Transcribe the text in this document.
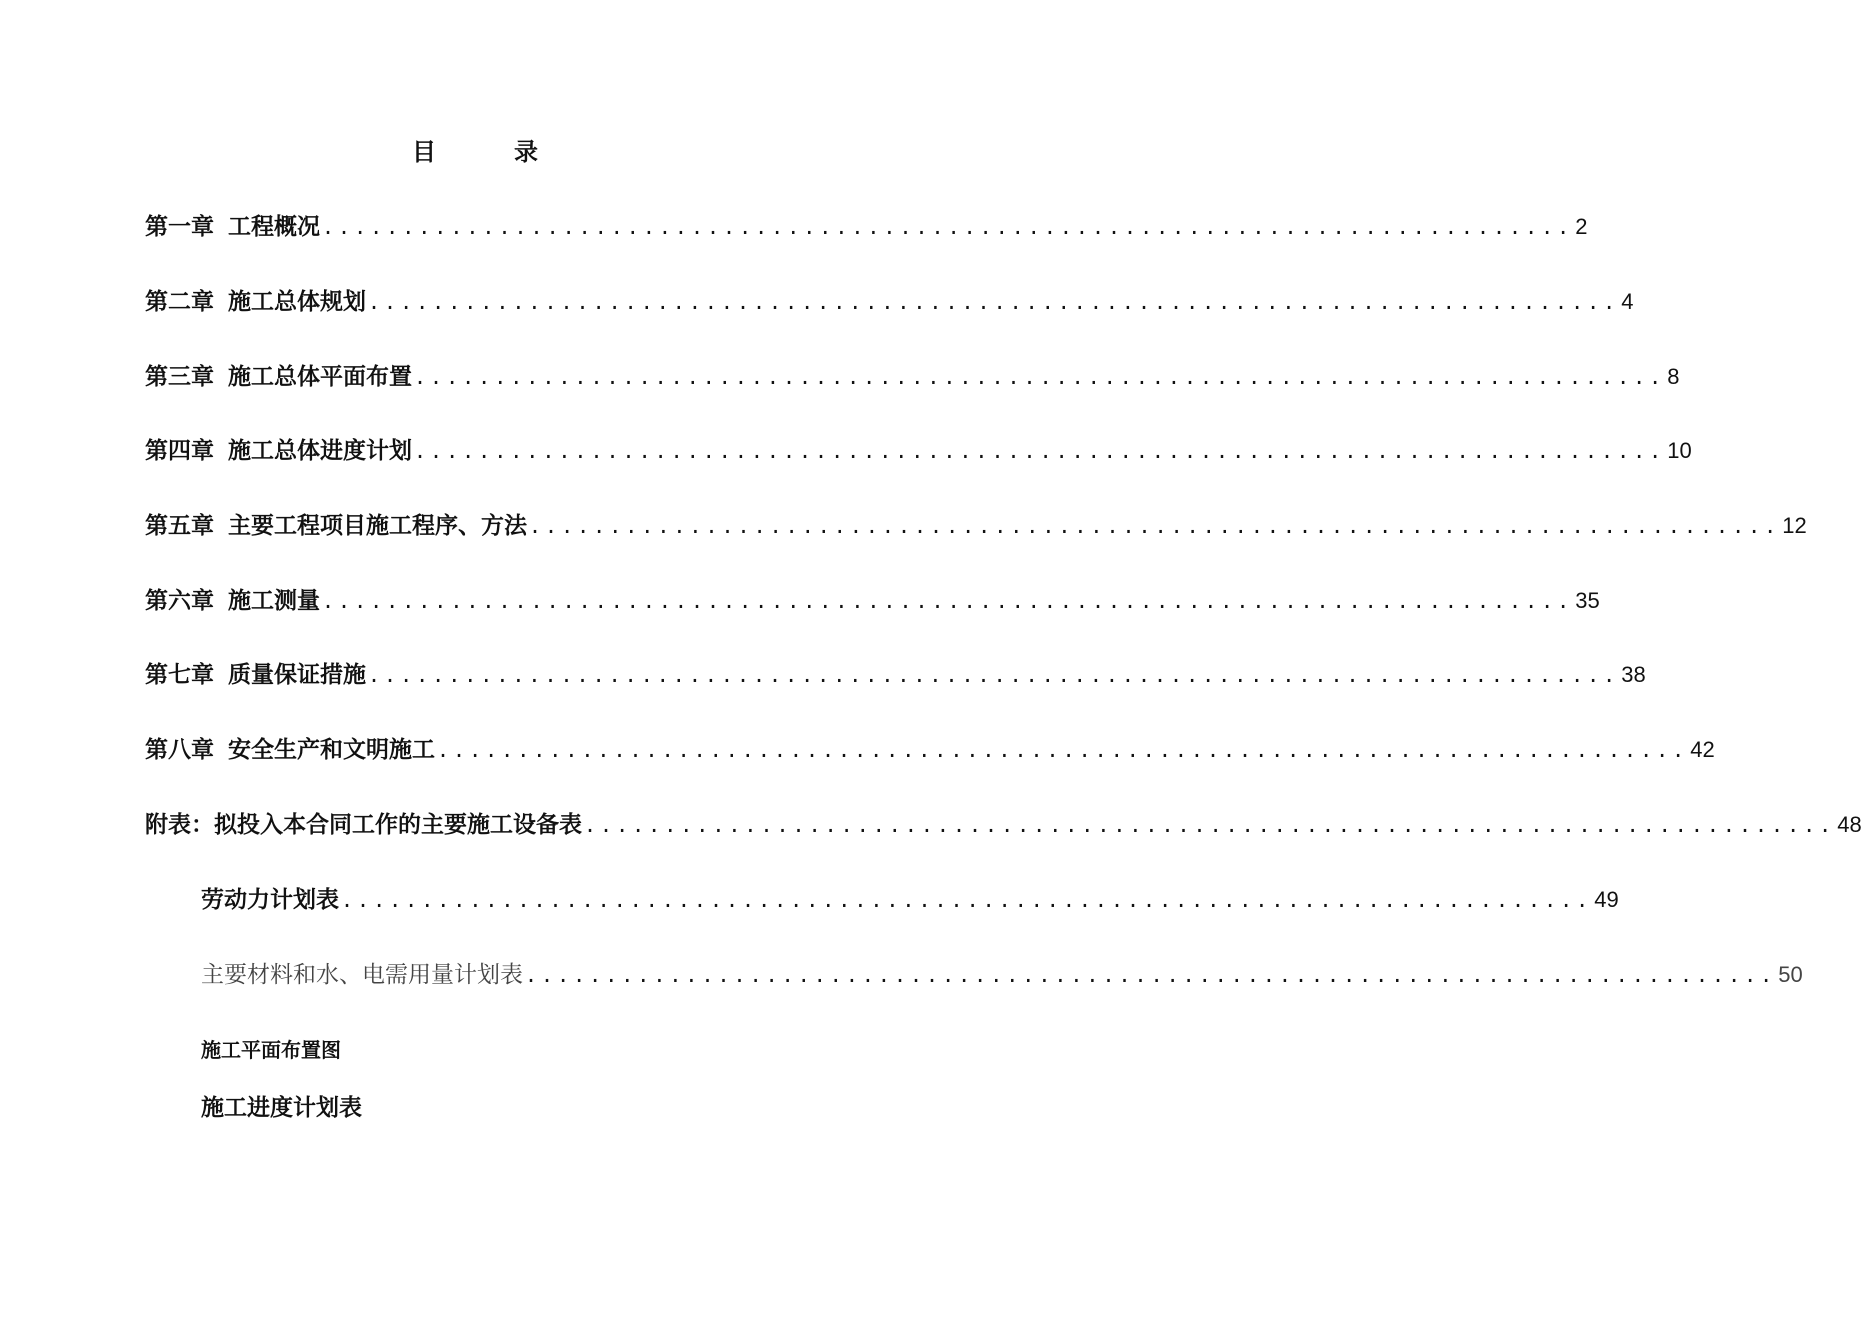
目	录
第一章 工程概况 .............................................................................. 2
第二章 施工总体规划 .............................................................................. 4
第三章 施工总体平面布置 .............................................................................. 8
第四章 施工总体进度计划 .............................................................................. 10
第五章 主要工程项目施工程序、方法 .............................................................................. 12
第六章 施工测量 .............................................................................. 35
第七章 质量保证措施 .............................................................................. 38
第八章 安全生产和文明施工 .............................................................................. 42
附表：拟投入本合同工作的主要施工设备表 .............................................................................. 48
劳动力计划表 .............................................................................. 49
主要材料和水、电需用量计划表 .............................................................................. 50
施工平面布置图
施工进度计划表
